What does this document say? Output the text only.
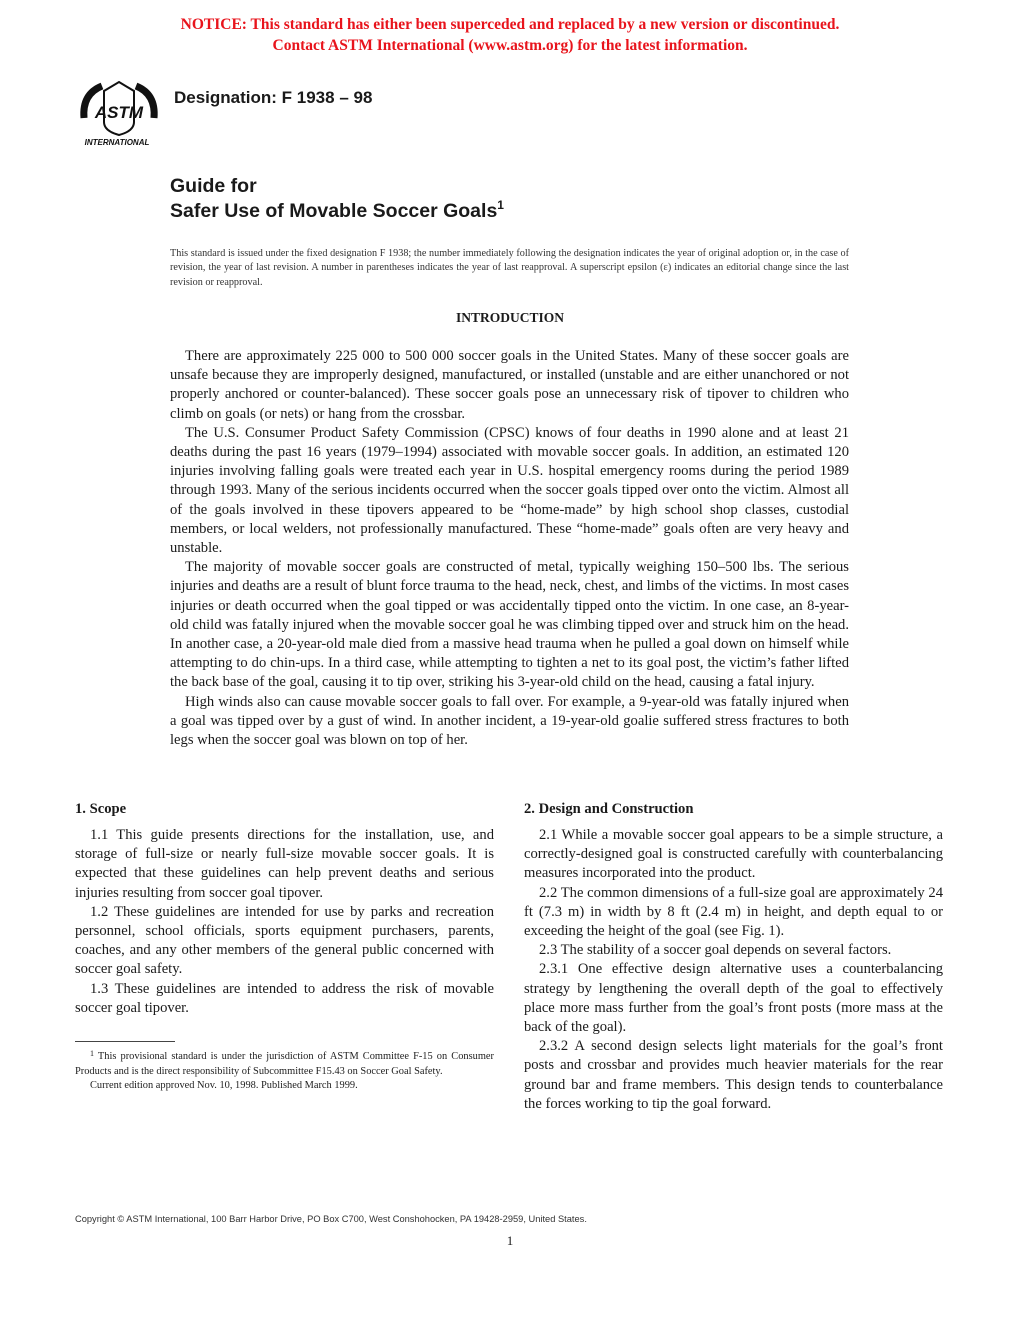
NOTICE: This standard has either been superceded and replaced by a new version or discontinued.
Contact ASTM International (www.astm.org) for the latest information.
ASTM
INTERNATIONAL
Designation: F 1938 – 98
Guide for
Safer Use of Movable Soccer Goals$^1$
This standard is issued under the fixed designation F 1938; the number immediately following the designation indicates the year of original adoption or, in the case of revision, the year of last revision. A number in parentheses indicates the year of last reapproval. A superscript epsilon (ε) indicates an editorial change since the last revision or reapproval.
INTRODUCTION

There are approximately 225 000 to 500 000 soccer goals in the United States. Many of these soccer goals are unsafe because they are improperly designed, manufactured, or installed (unstable and are either unanchored or not properly anchored or counter-balanced). These soccer goals pose an unnecessary risk of tipover to children who climb on goals (or nets) or hang from the crossbar.

The U.S. Consumer Product Safety Commission (CPSC) knows of four deaths in 1990 alone and at least 21 deaths during the past 16 years (1979–1994) associated with movable soccer goals. In addition, an estimated 120 injuries involving falling goals were treated each year in U.S. hospital emergency rooms during the period 1989 through 1993. Many of the serious incidents occurred when the soccer goals tipped over onto the victim. Almost all of the goals involved in these tipovers appeared to be “home-made” by high school shop classes, custodial members, or local welders, not professionally manufactured. These “home-made” goals often are very heavy and unstable.

The majority of movable soccer goals are constructed of metal, typically weighing 150–500 lbs. The serious injuries and deaths are a result of blunt force trauma to the head, neck, chest, and limbs of the victims. In most cases injuries or death occurred when the goal tipped or was accidentally tipped onto the victim. In one case, an 8-year-old child was fatally injured when the movable soccer goal he was climbing tipped over and struck him on the head. In another case, a 20-year-old male died from a massive head trauma when he pulled a goal down on himself while attempting to do chin-ups. In a third case, while attempting to tighten a net to its goal post, the victim’s father lifted the back base of the goal, causing it to tip over, striking his 3-year-old child on the head, causing a fatal injury.

High winds also can cause movable soccer goals to fall over. For example, a 9-year-old was fatally injured when a goal was tipped over by a gust of wind. In another incident, a 19-year-old goalie suffered stress fractures to both legs when the soccer goal was blown on top of her.

1. Scope

1.1 This guide presents directions for the installation, use, and storage of full-size or nearly full-size movable soccer goals. It is expected that these guidelines can help prevent deaths and serious injuries resulting from soccer goal tipover.

1.2 These guidelines are intended for use by parks and recreation personnel, school officials, sports equipment purchasers, parents, coaches, and any other members of the general public concerned with soccer goal safety.

1.3 These guidelines are intended to address the risk of movable soccer goal tipover.

2. Design and Construction

2.1 While a movable soccer goal appears to be a simple structure, a correctly-designed goal is constructed carefully with counterbalancing measures incorporated into the product.

2.2 The common dimensions of a full-size goal are approximately 24 ft (7.3 m) in width by 8 ft (2.4 m) in height, and depth equal to or exceeding the height of the goal (see Fig. 1).

2.3 The stability of a soccer goal depends on several factors.

2.3.1 One effective design alternative uses a counterbalancing strategy by lengthening the overall depth of the goal to effectively place more mass further from the goal’s front posts (more mass at the back of the goal).

2.3.2 A second design selects light materials for the goal’s front posts and crossbar and provides much heavier materials for the rear ground bar and frame members. This design tends to counterbalance the forces working to tip the goal forward.

$^1$ This provisional standard is under the jurisdiction of ASTM Committee F-15 on Consumer Products and is the direct responsibility of Subcommittee F15.43 on Soccer Goal Safety.

Current edition approved Nov. 10, 1998. Published March 1999.

Copyright © ASTM International, 100 Barr Harbor Drive, PO Box C700, West Conshohocken, PA 19428-2959, United States.
1
